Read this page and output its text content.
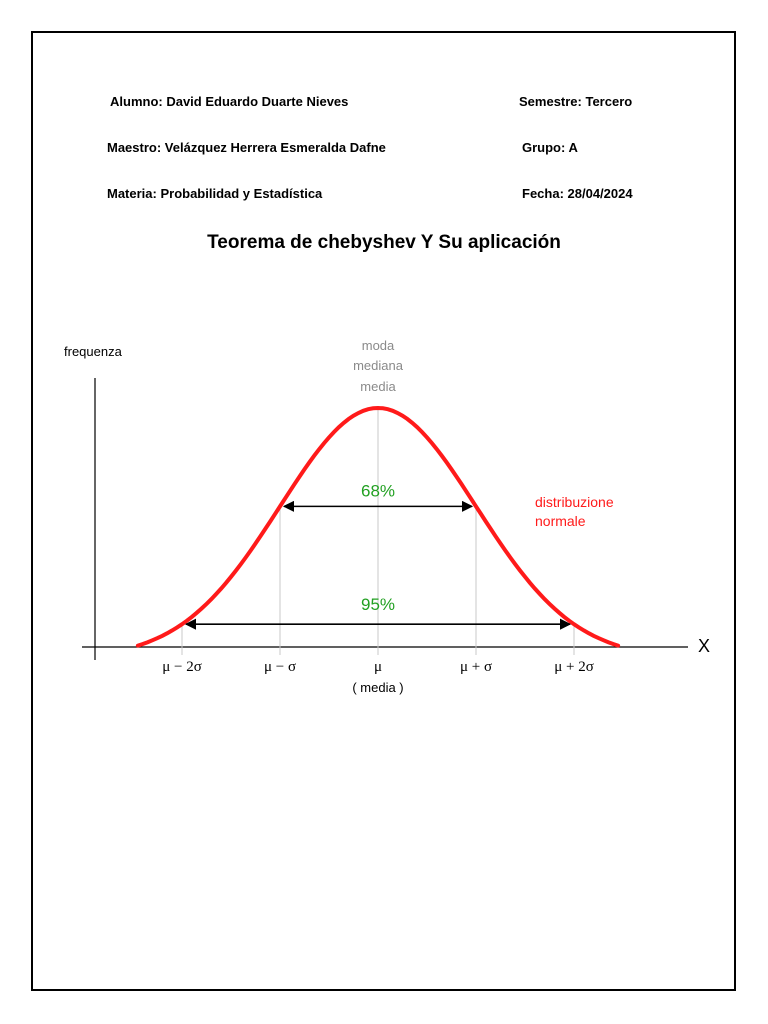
Alumno: David Eduardo Duarte Nieves	Semestre: Tercero
Maestro: Velázquez Herrera Esmeralda Dafne	Grupo: A
Materia: Probabilidad y Estadística	Fecha: 28/04/2024
Teorema de chebyshev Y Su aplicación
frequenza
X
moda
mediana
media
distribuzione
normale
68%
95%
μ − 2σ	μ − σ	μ	μ + σ	μ + 2σ
( media )
